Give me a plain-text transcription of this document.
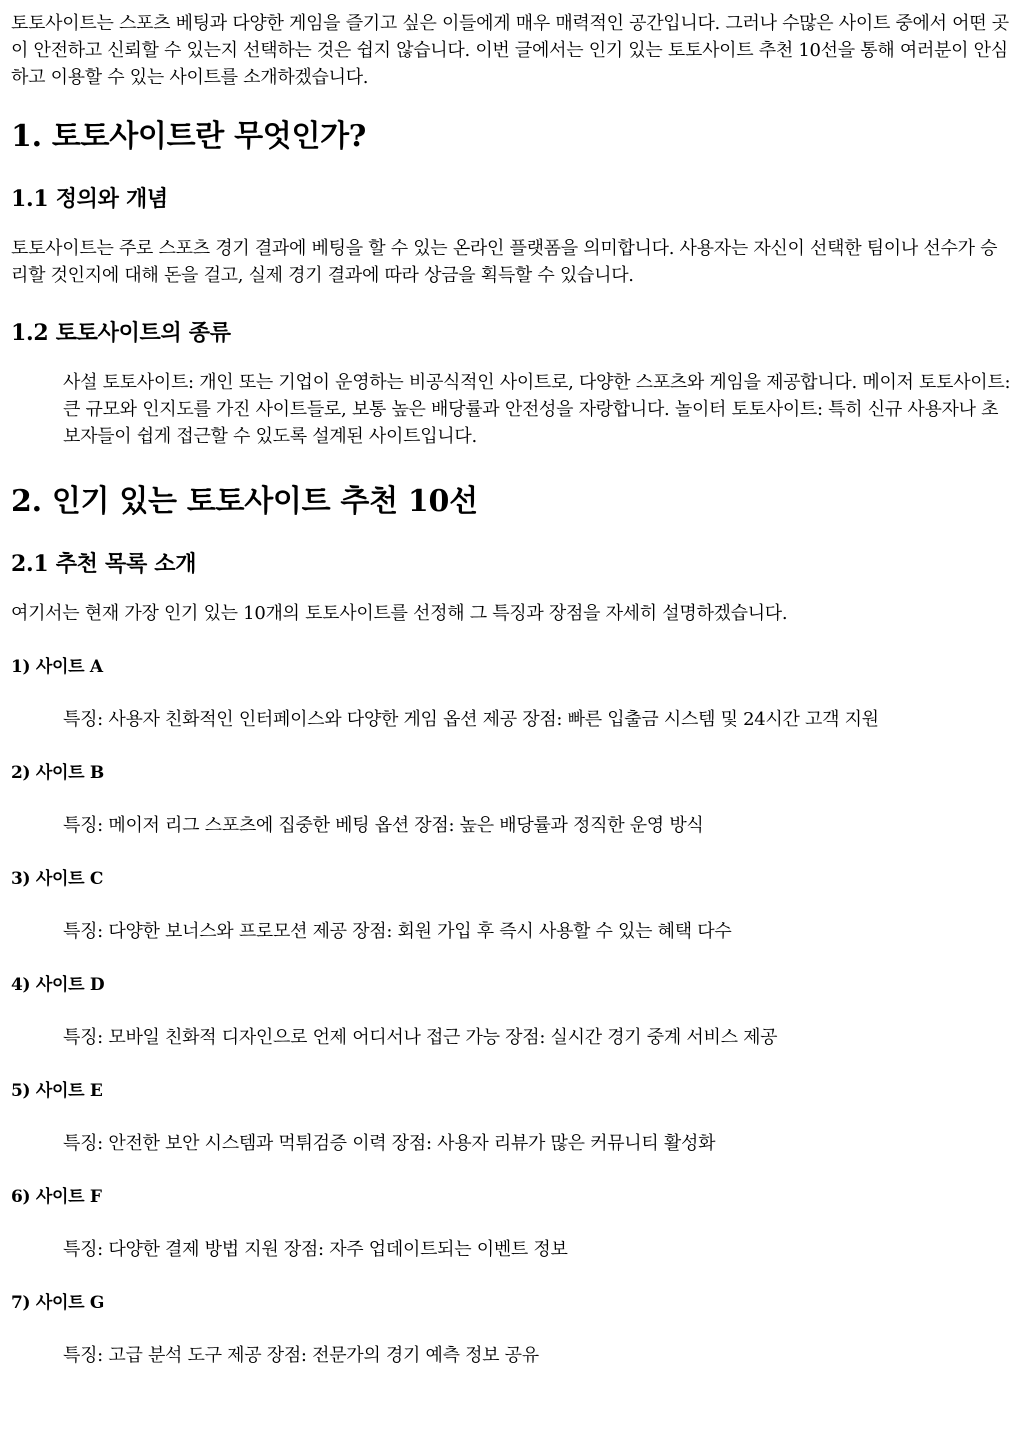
토토사이트는 스포츠 베팅과 다양한 게임을 즐기고 싶은 이들에게 매우 매력적인 공간입니다. 그러나 수많은 사이트 중에서 어떤 곳이 안전하고 신뢰할 수 있는지 선택하는 것은 쉽지 않습니다. 이번 글에서는 인기 있는 토토사이트 추천 10선을 통해 여러분이 안심하고 이용할 수 있는 사이트를 소개하겠습니다.

1. 토토사이트란 무엇인가?
1.1 정의와 개념

토토사이트는 주로 스포츠 경기 결과에 베팅을 할 수 있는 온라인 플랫폼을 의미합니다. 사용자는 자신이 선택한 팀이나 선수가 승리할 것인지에 대해 돈을 걸고, 실제 경기 결과에 따라 상금을 획득할 수 있습니다.

1.2 토토사이트의 종류
사설 토토사이트: 개인 또는 기업이 운영하는 비공식적인 사이트로, 다양한 스포츠와 게임을 제공합니다. 메이저 토토사이트: 큰 규모와 인지도를 가진 사이트들로, 보통 높은 배당률과 안전성을 자랑합니다. 놀이터 토토사이트: 특히 신규 사용자나 초보자들이 쉽게 접근할 수 있도록 설계된 사이트입니다.
2. 인기 있는 토토사이트 추천 10선
2.1 추천 목록 소개

여기서는 현재 가장 인기 있는 10개의 토토사이트를 선정해 그 특징과 장점을 자세히 설명하겠습니다.

1) 사이트 A
특징: 사용자 친화적인 인터페이스와 다양한 게임 옵션 제공 장점: 빠른 입출금 시스템 및 24시간 고객 지원
2) 사이트 B
특징: 메이저 리그 스포츠에 집중한 베팅 옵션 장점: 높은 배당률과 정직한 운영 방식
3) 사이트 C
특징: 다양한 보너스와 프로모션 제공 장점: 회원 가입 후 즉시 사용할 수 있는 혜택 다수
4) 사이트 D
특징: 모바일 친화적 디자인으로 언제 어디서나 접근 가능 장점: 실시간 경기 중계 서비스 제공
5) 사이트 E
특징: 안전한 보안 시스템과 먹튀검증 이력 장점: 사용자 리뷰가 많은 커뮤니티 활성화
6) 사이트 F
특징: 다양한 결제 방법 지원 장점: 자주 업데이트되는 이벤트 정보
7) 사이트 G
특징: 고급 분석 도구 제공 장점: 전문가의 경기 예측 정보 공유
